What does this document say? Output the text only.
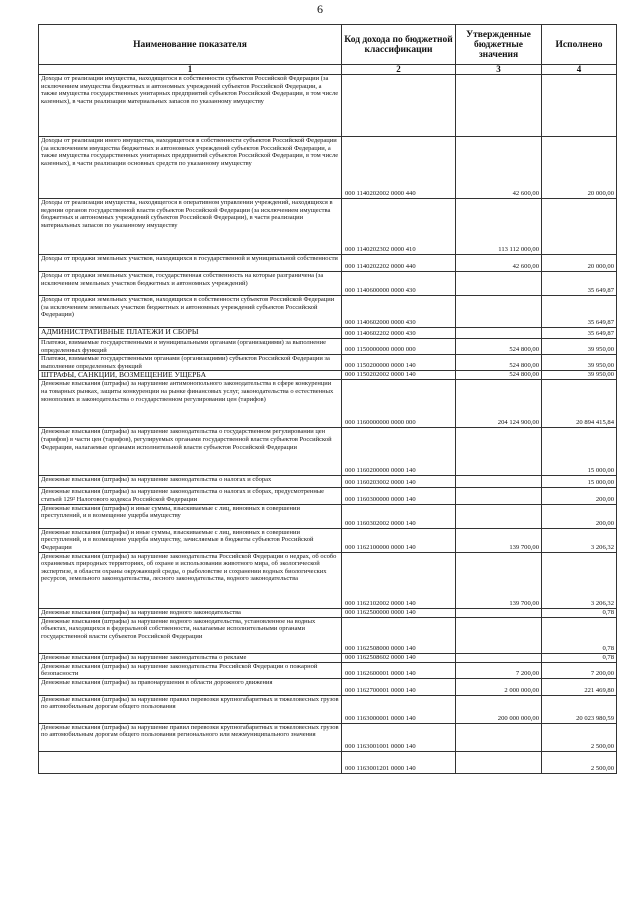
6
Наименование показателя	Код дохода по бюджетной классификации	Утвержденные бюджетные значения	Исполнено
1	2	3	4
Доходы от реализации имущества, находящегося в собственности субъектов Российской Федерации (за исключением имущества бюджетных и автономных учреждений субъектов Российской Федерации, а также имущества государственных унитарных предприятий субъектов Российской Федерации, в том числе казенных), в части реализации материальных запасов по указанному имуществу			
Доходы от реализации иного имущества, находящегося в собственности субъектов Российской Федерации (за исключением имущества бюджетных и автономных учреждений субъектов Российской Федерации, а также имущества государственных унитарных предприятий субъектов Российской Федерации, в том числе казенных), в части реализации основных средств по указанному имуществу	000 1140202002 0000 440	42 600,00	20 000,00
Доходы от реализации имущества, находящегося в оперативном управлении учреждений, находящихся в ведении органов государственной власти субъектов Российской Федерации (за исключением имущества бюджетных и автономных учреждений субъектов Российской Федерации), в части реализации материальных запасов по указанному имуществу	000 1140202302 0000 410	113 112 000,00	
Доходы от продажи земельных участков, находящихся в государственной и муниципальной собственности	000 1140202202 0000 440	42 600,00	20 000,00
Доходы от продажи земельных участков, государственная собственность на которые разграничена (за исключением земельных участков бюджетных и автономных учреждений)	000 1140600000 0000 430		35 649,87
Доходы от продажи земельных участков, находящихся в собственности субъектов Российской Федерации (за исключением земельных участков бюджетных и автономных учреждений субъектов Российской Федерации)	000 1140602000 0000 430		35 649,87
АДМИНИСТРАТИВНЫЕ ПЛАТЕЖИ И СБОРЫ	000 1140602202 0000 430		35 649,87
Платежи, взимаемые государственными и муниципальными органами (организациями) за выполнение определенных функций	000 1150000000 0000 000	524 800,00	39 950,00
Платежи, взимаемые государственными органами (организациями) субъектов Российской Федерации за выполнение определенных функций	000 1150200000 0000 140	524 800,00	39 950,00
ШТРАФЫ, САНКЦИИ, ВОЗМЕЩЕНИЕ УЩЕРБА	000 1150202002 0000 140	524 800,00	39 950,00
Денежные взыскания (штрафы) за нарушение антимонопольного законодательства в сфере конкуренции на товарных рынках, защиты конкуренции на рынке финансовых услуг, законодательства о естественных монополиях и законодательства о государственном регулировании цен (тарифов)	000 1160000000 0000 000	204 124 900,00	20 894 415,84
Денежные взыскания (штрафы) за нарушение законодательства о государственном регулировании цен (тарифов) в части цен (тарифов), регулируемых органами государственной власти субъектов Российской Федерации, налагаемые органами исполнительной власти субъектов Российской Федерации	000 1160200000 0000 140		15 000,00
Денежные взыскания (штрафы) за нарушение законодательства о налогах и сборах	000 1160203002 0000 140		15 000,00
Денежные взыскания (штрафы) за нарушение законодательства о налогах и сборах, предусмотренные статьей 129² Налогового кодекса Российской Федерации	000 1160300000 0000 140		200,00
Денежные взыскания (штрафы) и иные суммы, взыскиваемые с лиц, виновных в совершении преступлений, и в возмещение ущерба имуществу	000 1160302002 0000 140		200,00
Денежные взыскания (штрафы) и иные суммы, взыскиваемые с лиц, виновных в совершении преступлений, и в возмещение ущерба имуществу, зачисляемые в бюджеты субъектов Российской Федерации	000 1162100000 0000 140	139 700,00	3 206,32
Денежные взыскания (штрафы) за нарушение законодательства Российской Федерации о недрах, об особо охраняемых природных территориях, об охране и использовании животного мира, об экологической экспертизе, в области охраны окружающей среды, о рыболовстве и сохранении водных биологических ресурсов, земельного законодательства, лесного законодательства, водного законодательства	000 1162102002 0000 140	139 700,00	3 206,32
Денежные взыскания (штрафы) за нарушение водного законодательства	000 1162500000 0000 140		0,78
Денежные взыскания (штрафы) за нарушение водного законодательства, установленное на водных объектах, находящихся в федеральной собственности, налагаемые исполнительными органами государственной власти субъектов Российской Федерации	000 1162508000 0000 140		0,78
Денежные взыскания (штрафы) за нарушение законодательства о рекламе	000 1162508602 0000 140		0,78
Денежные взыскания (штрафы) за нарушение законодательства Российской Федерации о пожарной безопасности	000 1162600001 0000 140	7 200,00	7 200,00
Денежные взыскания (штрафы) за правонарушения в области дорожного движения	000 1162700001 0000 140	2 000 000,00	221 469,80
Денежные взыскания (штрафы) за нарушение правил перевозки крупногабаритных и тяжеловесных грузов по автомобильным дорогам общего пользования	000 1163000001 0000 140	200 000 000,00	20 023 980,59
Денежные взыскания (штрафы) за нарушение правил перевозки крупногабаритных и тяжеловесных грузов по автомобильным дорогам общего пользования регионального или межмуниципального значения	000 1163001001 0000 140		2 500,00
	000 1163001201 0000 140		2 500,00
